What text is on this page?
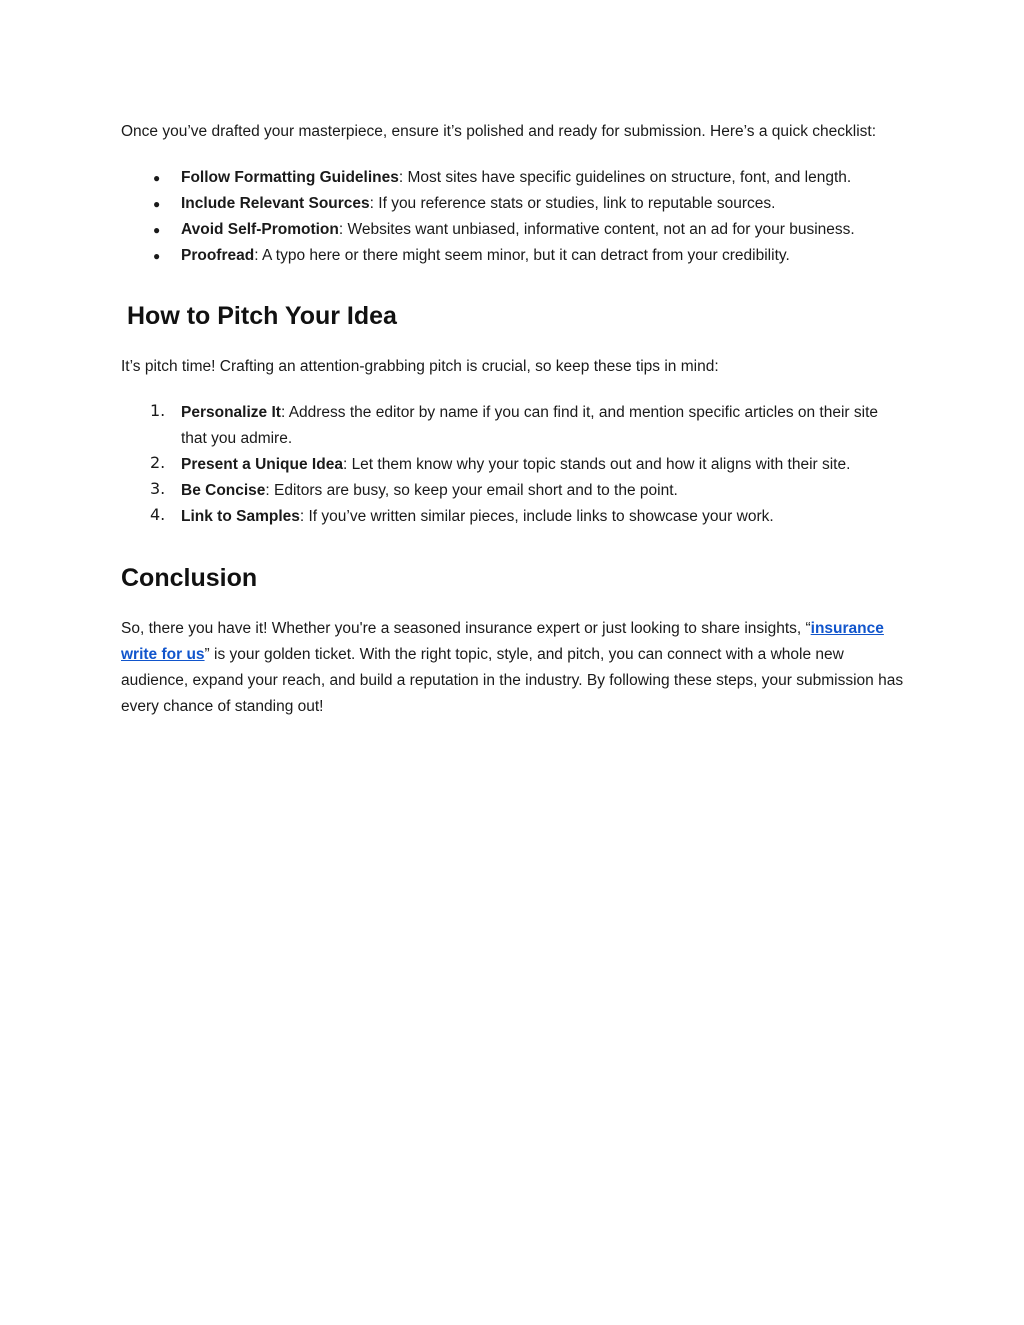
Once you’ve drafted your masterpiece, ensure it’s polished and ready for submission. Here’s a quick checklist:

● Follow Formatting Guidelines: Most sites have specific guidelines on structure, font, and length.
● Include Relevant Sources: If you reference stats or studies, link to reputable sources.
● Avoid Self-Promotion: Websites want unbiased, informative content, not an ad for your business.
● Proofread: A typo here or there might seem minor, but it can detract from your credibility.
How to Pitch Your Idea

It’s pitch time! Crafting an attention-grabbing pitch is crucial, so keep these tips in mind:

1. Personalize It: Address the editor by name if you can find it, and mention specific articles on their site that you admire.
2. Present a Unique Idea: Let them know why your topic stands out and how it aligns with their site.
3. Be Concise: Editors are busy, so keep your email short and to the point.
4. Link to Samples: If you’ve written similar pieces, include links to showcase your work.
Conclusion

So, there you have it! Whether you're a seasoned insurance expert or just looking to share insights, “insurance write for us” is your golden ticket. With the right topic, style, and pitch, you can connect with a whole new audience, expand your reach, and build a reputation in the industry. By following these steps, your submission has every chance of standing out!
